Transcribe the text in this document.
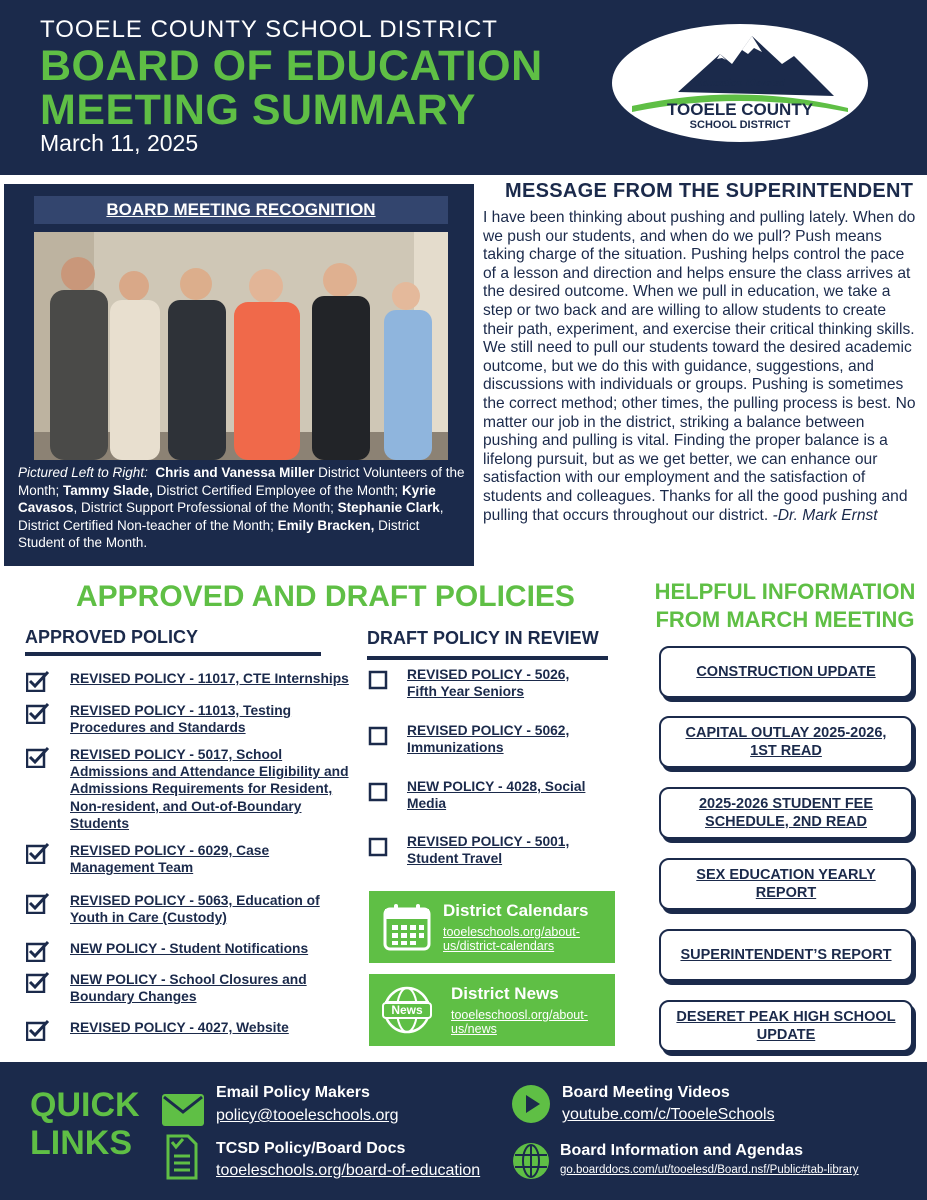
TOOELE COUNTY SCHOOL DISTRICT
BOARD OF EDUCATION
MEETING SUMMARY
March 11, 2025
Education Elevated
TOOELE COUNTY
SCHOOL DISTRICT
BOARD MEETING RECOGNITION
Pictured Left to Right: Chris and Vanessa Miller District Volunteers of the Month; Tammy Slade, District Certified Employee of the Month; Kyrie Cavasos, District Support Professional of the Month; Stephanie Clark, District Certified Non-teacher of the Month; Emily Bracken, District Student of the Month.
MESSAGE FROM THE SUPERINTENDENT
I have been thinking about pushing and pulling lately. When do we push our students, and when do we pull? Push means taking charge of the situation. Pushing helps control the pace of a lesson and direction and helps ensure the class arrives at the desired outcome. When we pull in education, we take a step or two back and are willing to allow students to create their path, experiment, and exercise their critical thinking skills. We still need to pull our students toward the desired academic outcome, but we do this with guidance, suggestions, and discussions with individuals or groups. Pushing is sometimes the correct method; other times, the pulling process is best. No matter our job in the district, striking a balance between pushing and pulling is vital. Finding the proper balance is a lifelong pursuit, but as we get better, we can enhance our satisfaction with our employment and the satisfaction of students and colleagues. Thanks for all the good pushing and pulling that occurs throughout our district. -Dr. Mark Ernst
APPROVED AND DRAFT POLICIES
APPROVED POLICY	DRAFT POLICY IN REVIEW
REVISED POLICY - 11017, CTE Internships
REVISED POLICY - 11013, Testing Procedures and Standards
REVISED POLICY - 5017, School Admissions and Attendance Eligibility and Admissions Requirements for Resident, Non-resident, and Out-of-Boundary Students
REVISED POLICY - 6029, Case Management Team
REVISED POLICY - 5063, Education of Youth in Care (Custody)
NEW POLICY - Student Notifications
NEW POLICY - School Closures and Boundary Changes
REVISED POLICY - 4027, Website
REVISED POLICY - 5026, Fifth Year Seniors
REVISED POLICY - 5062, Immunizations
NEW POLICY - 4028, Social Media
REVISED POLICY - 5001, Student Travel
District Calendars
tooeleschools.org/about-us/district-calendars
News
District News
tooeleschoosl.org/about-us/news
HELPFUL INFORMATION FROM MARCH MEETING
CONSTRUCTION UPDATE
CAPITAL OUTLAY 2025-2026, 1ST READ
2025-2026 STUDENT FEE SCHEDULE, 2ND READ
SEX EDUCATION YEARLY REPORT
SUPERINTENDENT’S REPORT
DESERET PEAK HIGH SCHOOL UPDATE
QUICK
LINKS
Email Policy Makers
policy@tooeleschools.org
TCSD Policy/Board Docs
tooeleschools.org/board-of-education
Board Meeting Videos
youtube.com/c/TooeleSchools
Board Information and Agendas
go.boarddocs.com/ut/tooelesd/Board.nsf/Public#tab-library
